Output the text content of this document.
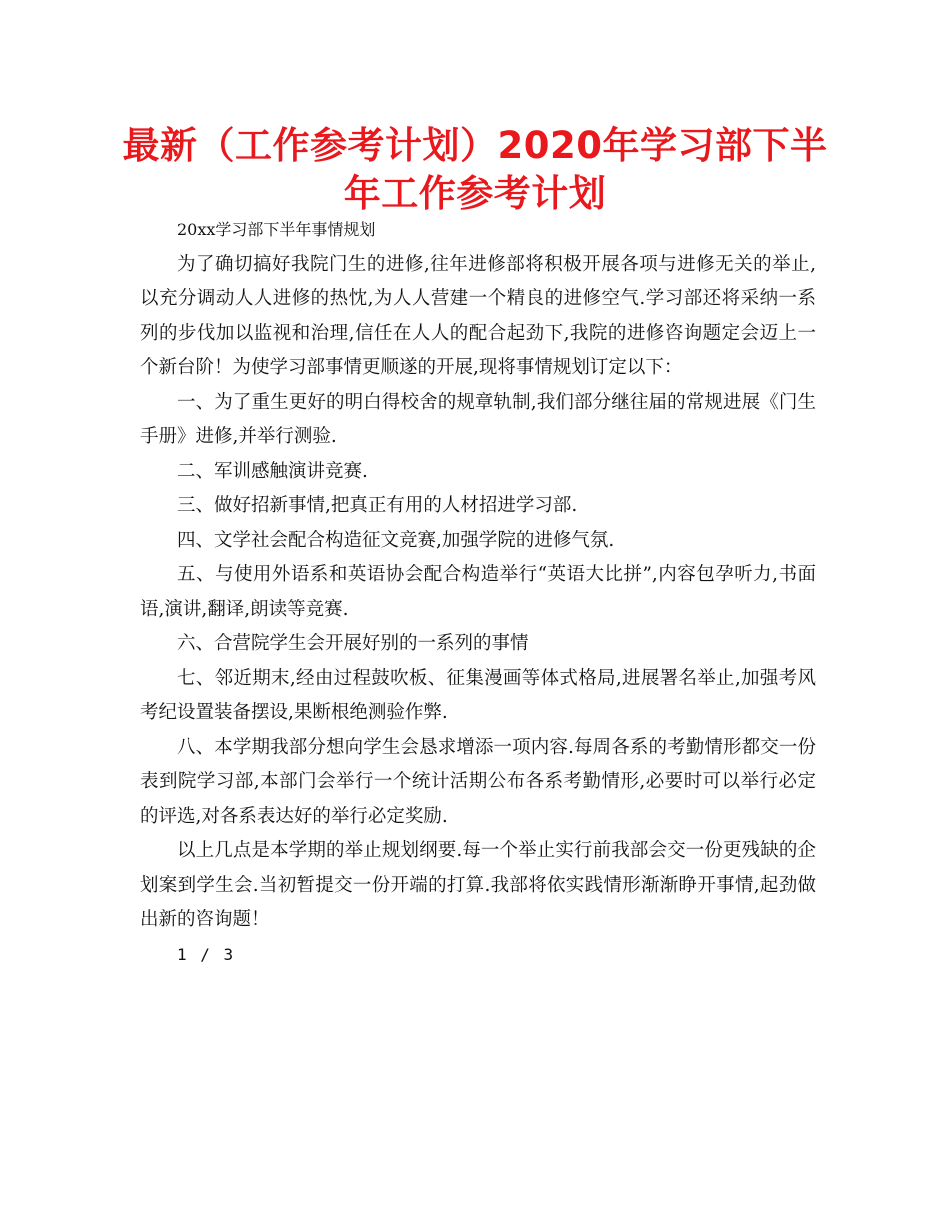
最新（工作参考计划）2020年学习部下半年工作参考计划

20xx学习部下半年事情规划

为了确切搞好我院门生的进修,往年进修部将积极开展各项与进修无关的举止,以充分调动人人进修的热忱,为人人营建一个精良的进修空气.学习部还将采纳一系列的步伐加以监视和治理,信任在人人的配合起劲下,我院的进修咨询题定会迈上一个新台阶！为使学习部事情更顺遂的开展,现将事情规划订定以下：

一、为了重生更好的明白得校舍的规章轨制,我们部分继往届的常规进展《门生手册》进修,并举行测验.

二、军训感触演讲竞赛.

三、做好招新事情,把真正有用的人材招进学习部.

四、文学社会配合构造征文竞赛,加强学院的进修气氛.

五、与使用外语系和英语协会配合构造举行“英语大比拼”,内容包孕听力,书面语,演讲,翻译,朗读等竞赛.

六、合营院学生会开展好别的一系列的事情

七、邻近期末,经由过程鼓吹板、征集漫画等体式格局,进展署名举止,加强考风考纪设置装备摆设,果断根绝测验作弊.

八、本学期我部分想向学生会恳求增添一项内容.每周各系的考勤情形都交一份表到院学习部,本部门会举行一个统计活期公布各系考勤情形,必要时可以举行必定的评选,对各系表达好的举行必定奖励.

以上几点是本学期的举止规划纲要.每一个举止实行前我部会交一份更残缺的企划案到学生会.当初暂提交一份开端的打算.我部将依实践情形渐渐睁开事情,起劲做出新的咨询题！

1 / 3
